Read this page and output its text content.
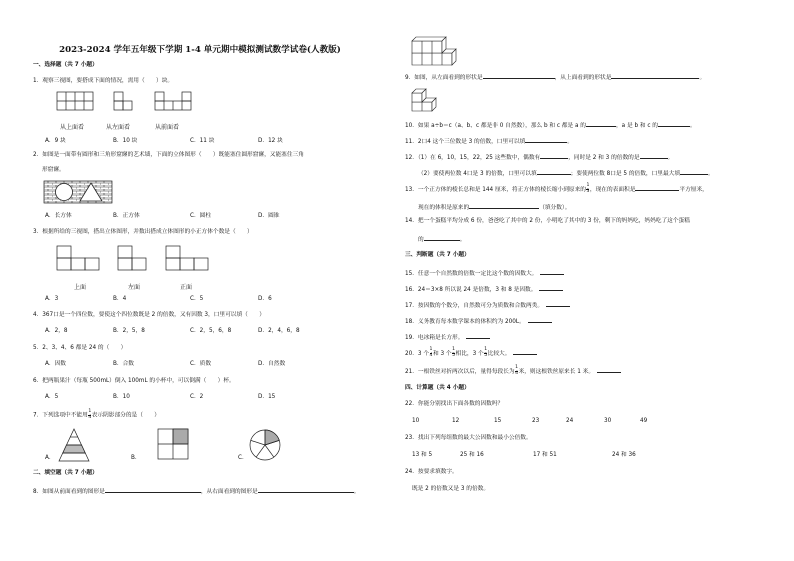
2023-2024 学年五年级下学期 1-4 单元期中模拟测试数学试卷(人教版)
一、选择题（共 7 小题）
1．观察三视图，要搭成下面的情况，需用（　　）块。
从上面看	从左面看	从前面看
A．9 块	B．10 块	C．11 块	D．12 块
2．如图是一面带有圆形和三角形窟窿的艺术墙，下面的立体图形（　　）既能塞住圆形窟窿，又能塞住三角
形窟窿。
A．长方体	B．正方体	C．圆柱	D．圆锥
3．根据所给的三视图，搭出立体图形，并数出搭成立体图形的小正方体个数是（　　）
上面	左面	正面
A．3	B．4	C．5	D．6
4．367口是一个四位数，要使这个四位数既是 2 的倍数，又有因数 3，口里可以填（　　）
A．2，8	B．2，5，8	C．2，5，6，8	D．2，4，6，8
5．2、3、4、6 都是 24 的（　　）
A．因数	B．合数	C．质数	D．自然数
6．把两瓶果汁（每瓶 500mL）倒入 100mL 的小杯中，可以倒满（　　）杯。
A．5	B．10	C．2	D．15
7．下列选项中不能用 $\frac{1}{4}$ 表示阴影部分的是（　　）
A．	B．	C．
二、填空题（共 7 小题）
8．如图从前面看到的图形是	，从右面看到的图形是	。
9．如图，从左面看到的形状是	，从上面看到的形状是	。
10．如果 a÷b＝c（a、b、c 都是非 0 自然数），那么 b 和 c 都是 a 的	，a 是 b 和 c 的	。
11．2口4 这个三位数是 3 的倍数，口里可以填	。
12．（1）在 6，10，15，22，25 这些数中，偶数有	，同时是 2 和 3 的倍数的是	。
（2）要使两位数 4口是 3 的倍数，口里可以填	；要使两位数 8口是 5 的倍数，口里最大填	。
13．一个正方体的棱长总和是 144 厘米，将正方体的棱长缩小到原来的 $\frac{1}{3}$ ，现在的表面积是	平方厘米，
现在的体积是原来的	（填分数）。
14．把一个蛋糕平均分成 6 份，爸爸吃了其中的 2 份，小明吃了其中的 3 份，剩下的妈妈吃，妈妈吃了这个蛋糕
的	。
三、判断题（共 7 小题）
15．任意一个自然数的倍数一定比这个数的因数大。
16．24＝3×8 所以说 24 是倍数，3 和 8 是因数。
17．按因数的个数分，自然数可分为质数和合数两类。
18．义务教育每本数学课本的体积约为 200L。
19．电冰箱是长方形。
20．3 个 $\frac{1}{4}$ 和 3 个 $\frac{1}{5}$ 相比，3 个 $\frac{1}{5}$ 比较大。
21．一根铁丝对折两次以后，量得每段长为 $\frac{1}{4}$ 米，则这根铁丝原来长 1 米。
四、计算题（共 4 小题）
22．你能分别找出下面各数的因数吗？
10	12	15	23	24	30	49
23．找出下列每组数的最大公因数和最小公倍数。
13 和 5	25 和 16	17 和 51	24 和 36
24．按要求填数字。
既是 2 的倍数又是 3 的倍数。
